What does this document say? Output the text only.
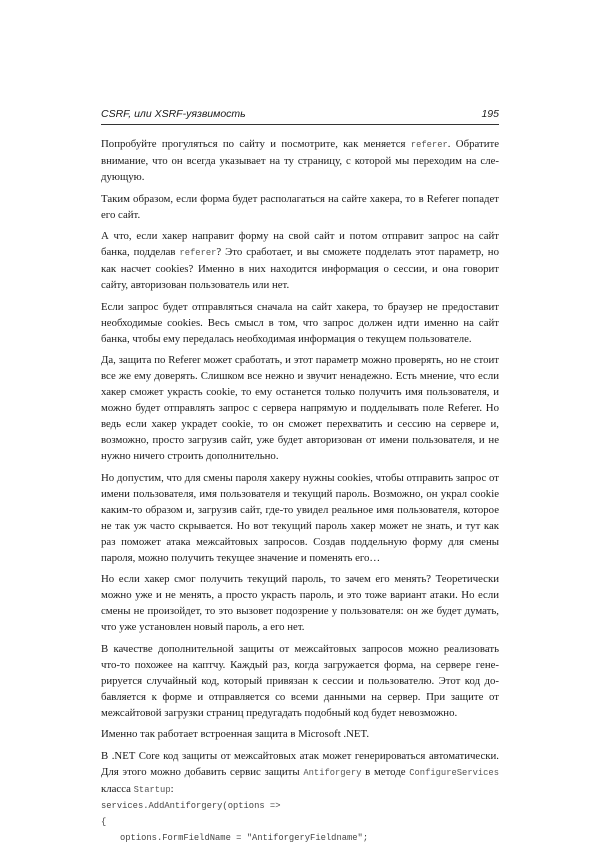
CSRF, или XSRF-уязвимость	195

Попробуйте прогуляться по сайту и посмотрите, как меняется referer. Обратите внимание, что он всегда указывает на ту страницу, с которой мы переходим на следующую.

Таким образом, если форма будет располагаться на сайте хакера, то в Referer попадет его сайт.

А что, если хакер направит форму на свой сайт и потом отправит запрос на сайт банка, подделав referer? Это сработает, и вы сможете подделать этот параметр, но как насчет cookies? Именно в них находится информация о сессии, и она говорит сайту, авторизован пользователь или нет.

Если запрос будет отправляться сначала на сайт хакера, то браузер не предоставит необходимые cookies. Весь смысл в том, что запрос должен идти именно на сайт банка, чтобы ему передалась необходимая информация о текущем пользователе.

Да, защита по Referer может сработать, и этот параметр можно проверять, но не стоит все же ему доверять. Слишком все нежно и звучит ненадежно. Есть мнение, что если хакер сможет украсть cookie, то ему останется только получить имя пользователя, и можно будет отправлять запрос с сервера напрямую и подделывать поле Referer. Но ведь если хакер украдет cookie, то он сможет перехватить и сессию на сервере и, возможно, просто загрузив сайт, уже будет авторизован от имени пользователя, и не нужно ничего строить дополнительно.

Но допустим, что для смены пароля хакеру нужны cookies, чтобы отправить запрос от имени пользователя, имя пользователя и текущий пароль. Возможно, он украл cookie каким-то образом и, загрузив сайт, где-то увидел реальное имя пользователя, которое не так уж часто скрывается. Но вот текущий пароль хакер может не знать, и тут как раз поможет атака межсайтовых запросов. Создав поддельную форму для смены пароля, можно получить текущее значение и поменять его…

Но если хакер смог получить текущий пароль, то зачем его менять? Теоретически можно уже и не менять, а просто украсть пароль, и это тоже вариант атаки. Но если смены не произойдет, то это вызовет подозрение у пользователя: он же будет думать, что уже установлен новый пароль, а его нет.

В качестве дополнительной защиты от межсайтовых запросов можно реализовать что-то похожее на каптчу. Каждый раз, когда загружается форма, на сервере генерируется случайный код, который привязан к сессии и пользователю. Этот код добавляется к форме и отправляется со всеми данными на сервер. При защите от межсайтовой загрузки страниц предугадать подобный код будет невозможно.

Именно так работает встроенная защита в Microsoft .NET.

В .NET Core код защиты от межсайтовых атак может генерироваться автоматически. Для этого можно добавить сервис защиты Antiforgery в методе ConfigureServices класса Startup:

services.AddAntiforgery(options =>
{
options.FormFieldName = "AntiforgeryFieldname";
